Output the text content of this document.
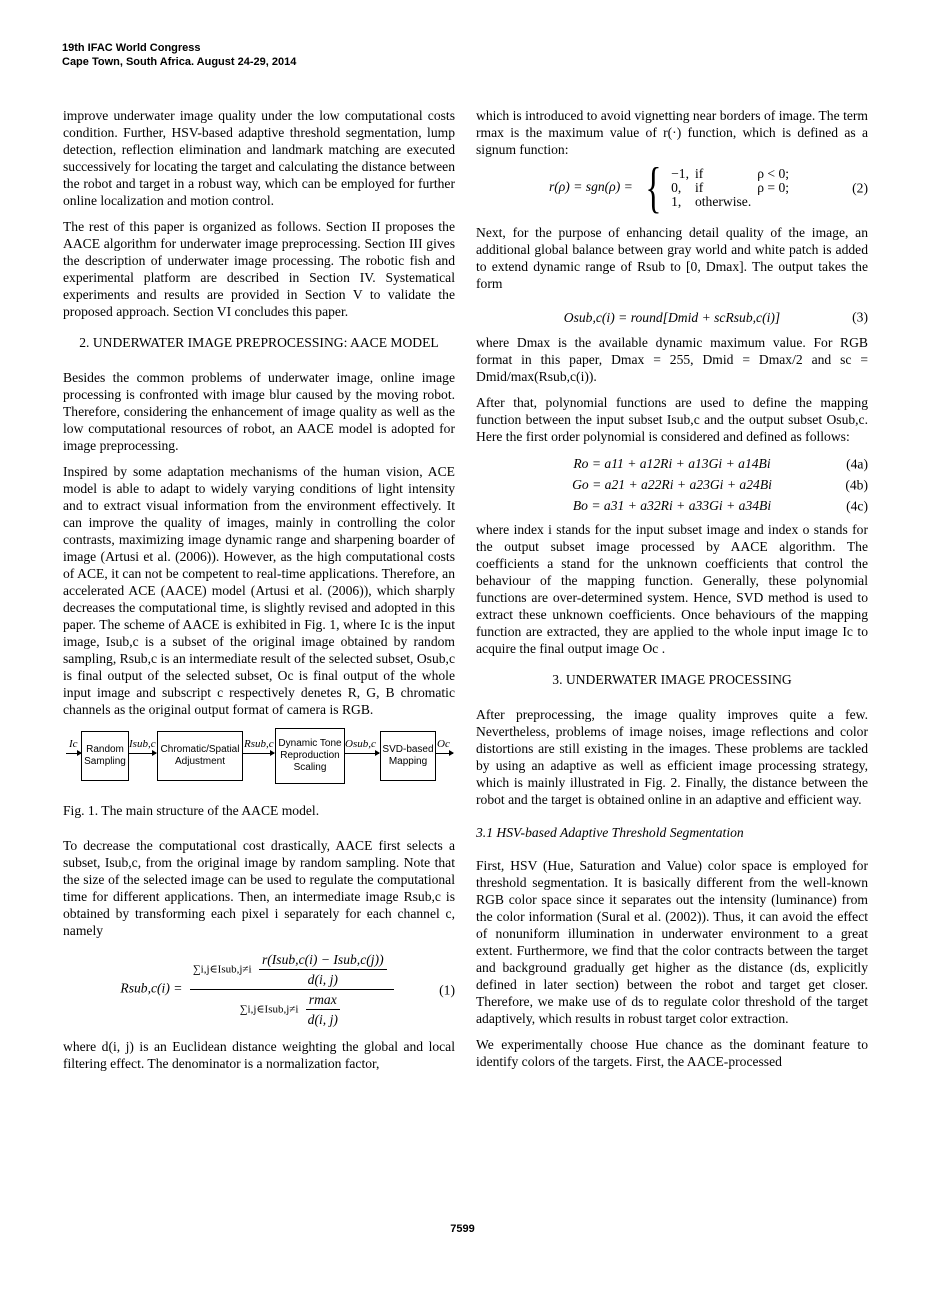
19th IFAC World Congress
Cape Town, South Africa. August 24-29, 2014

improve underwater image quality under the low computational costs condition. Further, HSV-based adaptive threshold segmentation, lump detection, reflection elimination and landmark matching are executed successively for locating the target and calculating the distance between the robot and target in a robust way, which can be employed for further online localization and motion control.

The rest of this paper is organized as follows. Section II proposes the AACE algorithm for underwater image preprocessing. Section III gives the description of underwater image processing. The robotic fish and experimental platform are described in Section IV. Systematical experiments and results are provided in Section V to validate the proposed approach. Section VI concludes this paper.

2. UNDERWATER IMAGE PREPROCESSING: AACE MODEL

Besides the common problems of underwater image, online image processing is confronted with image blur caused by the moving robot. Therefore, considering the enhancement of image quality as well as the low computational resources of robot, an AACE model is adopted for image preprocessing.

Inspired by some adaptation mechanisms of the human vision, ACE model is able to adapt to widely varying conditions of light intensity and to extract visual information from the environment effectively. It can improve the quality of images, mainly in controlling the color contrasts, maximizing image dynamic range and sharpening boarder of image (Artusi et al. (2006)). However, as the high computational costs of ACE, it can not be competent to real-time applications. Therefore, an accelerated ACE (AACE) model (Artusi et al. (2006)), which sharply decreases the computational time, is slightly revised and adopted in this paper. The scheme of AACE is exhibited in Fig. 1, where Ic is the input image, Isub,c is a subset of the original image obtained by random sampling, Rsub,c is an intermediate result of the selected subset, Osub,c is final output of the selected subset, Oc is final output of the whole input image and subscript c respectively denetes R, G, B chromatic channels as the original output format of camera is RGB.

Ic Random Sampling
Isub,c Chromatic/Spatial Adjustment
Rsub,c Dynamic Tone Reproduction Scaling
Osub,c SVD-based Mapping
Oc
Fig. 1. The main structure of the AACE model.

To decrease the computational cost drastically, AACE first selects a subset, Isub,c, from the original image by random sampling. Note that the size of the selected image can be used to regulate the computational time for different applications. Then, an intermediate image Rsub,c is obtained by transforming each pixel i separately for each channel c, namely

Rsub,c(i) =
∑i,j∈Isub,j≠i $\frac{\text{r(Isub,c(i) − Isub,c(j))}}{d(i, j)}$
∑i,j∈Isub,j≠i $\frac{rmax}{d(i, j)}$
(1)

where d(i, j) is an Euclidean distance weighting the global and local filtering effect. The denominator is a normalization factor,

which is introduced to avoid vignetting near borders of image. The term rmax is the maximum value of r(·) function, which is defined as a signum function:

r(ρ) = sgn(ρ) = { −1,	if	ρ < 0;
0,	if	ρ = 0;
1,	otherwise.	
(2)

Next, for the purpose of enhancing detail quality of the image, an additional global balance between gray world and white patch is added to extend dynamic range of Rsub to [0, Dmax]. The output takes the form

Osub,c(i) = round[Dmid + scRsub,c(i)]	(3)

where Dmax is the available dynamic maximum value. For RGB format in this paper, Dmax = 255, Dmid = Dmax/2 and sc = Dmid/max(Rsub,c(i)).

After that, polynomial functions are used to define the mapping function between the input subset Isub,c and the output subset Osub,c. Here the first order polynomial is considered and defined as follows:

Ro = a11 + a12Ri + a13Gi + a14Bi	(4a)
Go = a21 + a22Ri + a23Gi + a24Bi	(4b)
Bo = a31 + a32Ri + a33Gi + a34Bi	(4c)

where index i stands for the input subset image and index o stands for the output subset image processed by AACE algorithm. The coefficients a stand for the unknown coefficients that control the behaviour of the mapping function. Generally, these polynomial functions are over-determined system. Hence, SVD method is used to extract these unknown coefficients. Once behaviours of the mapping function are extracted, they are applied to the whole input image Ic to acquire the final output image Oc .

3. UNDERWATER IMAGE PROCESSING

After preprocessing, the image quality improves quite a few. Nevertheless, problems of image noises, image reflections and color distortions are still existing in the images. These problems are tackled by using an adaptive as well as efficient image processing strategy, which is mainly illustrated in Fig. 2. Finally, the distance between the robot and the target is obtained online in an adaptive and efficient way.

3.1 HSV-based Adaptive Threshold Segmentation

First, HSV (Hue, Saturation and Value) color space is employed for threshold segmentation. It is basically different from the well-known RGB color space since it separates out the intensity (luminance) from the color information (Sural et al. (2002)). Thus, it can avoid the effect of nonuniform illumination in underwater environment to a great extent. Furthermore, we find that the color contracts between the target and background gradually get higher as the distance (ds, explicitly defined in later section) between the robot and target get closer. Therefore, we make use of ds to regulate color threshold of the target adaptively, which results in robust target color extraction.

We experimentally choose Hue chance as the dominant feature to identify colors of the targets. First, the AACE-processed

7599
